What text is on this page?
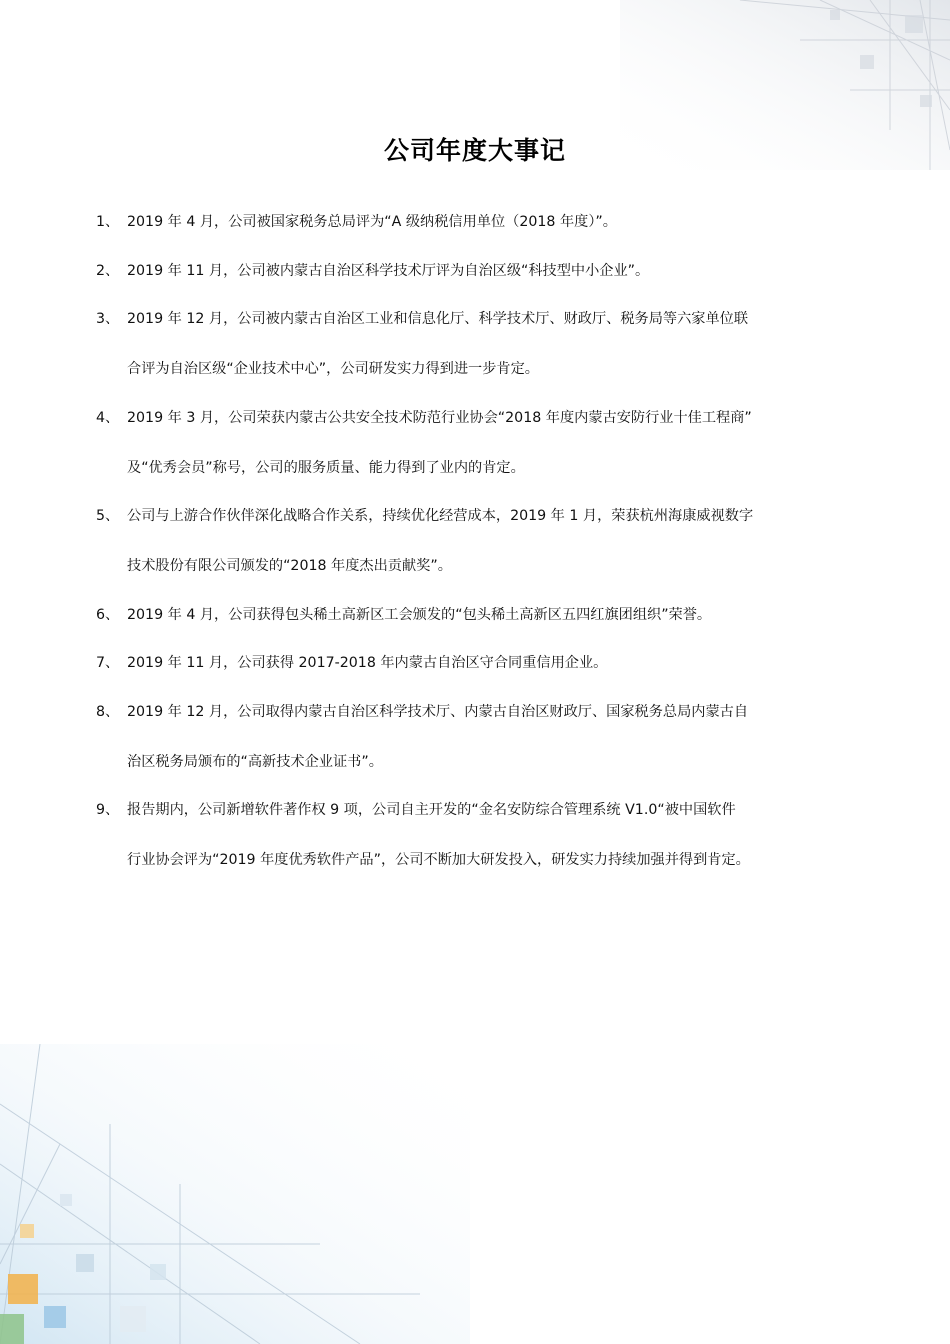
公司年度大事记
1、 2019 年 4 月，公司被国家税务总局评为“A 级纳税信用单位（2018 年度）”。
2、 2019 年 11 月，公司被内蒙古自治区科学技术厅评为自治区级“科技型中小企业”。
3、 2019 年 12 月，公司被内蒙古自治区工业和信息化厅、科学技术厅、财政厅、税务局等六家单位联
合评为自治区级“企业技术中心”，公司研发实力得到进一步肯定。
4、 2019 年 3 月，公司荣获内蒙古公共安全技术防范行业协会“2018 年度内蒙古安防行业十佳工程商”
及“优秀会员”称号，公司的服务质量、能力得到了业内的肯定。
5、 公司与上游合作伙伴深化战略合作关系，持续优化经营成本，2019 年 1 月，荣获杭州海康威视数字
技术股份有限公司颁发的“2018 年度杰出贡献奖”。
6、 2019 年 4 月，公司获得包头稀土高新区工会颁发的“包头稀土高新区五四红旗团组织”荣誉。
7、 2019 年 11 月，公司获得 2017-2018 年内蒙古自治区守合同重信用企业。
8、 2019 年 12 月，公司取得内蒙古自治区科学技术厅、内蒙古自治区财政厅、国家税务总局内蒙古自
治区税务局颁布的“高新技术企业证书”。
9、 报告期内，公司新增软件著作权 9 项，公司自主开发的“金名安防综合管理系统 V1.0“被中国软件
行业协会评为“2019 年度优秀软件产品”，公司不断加大研发投入，研发实力持续加强并得到肯定。
